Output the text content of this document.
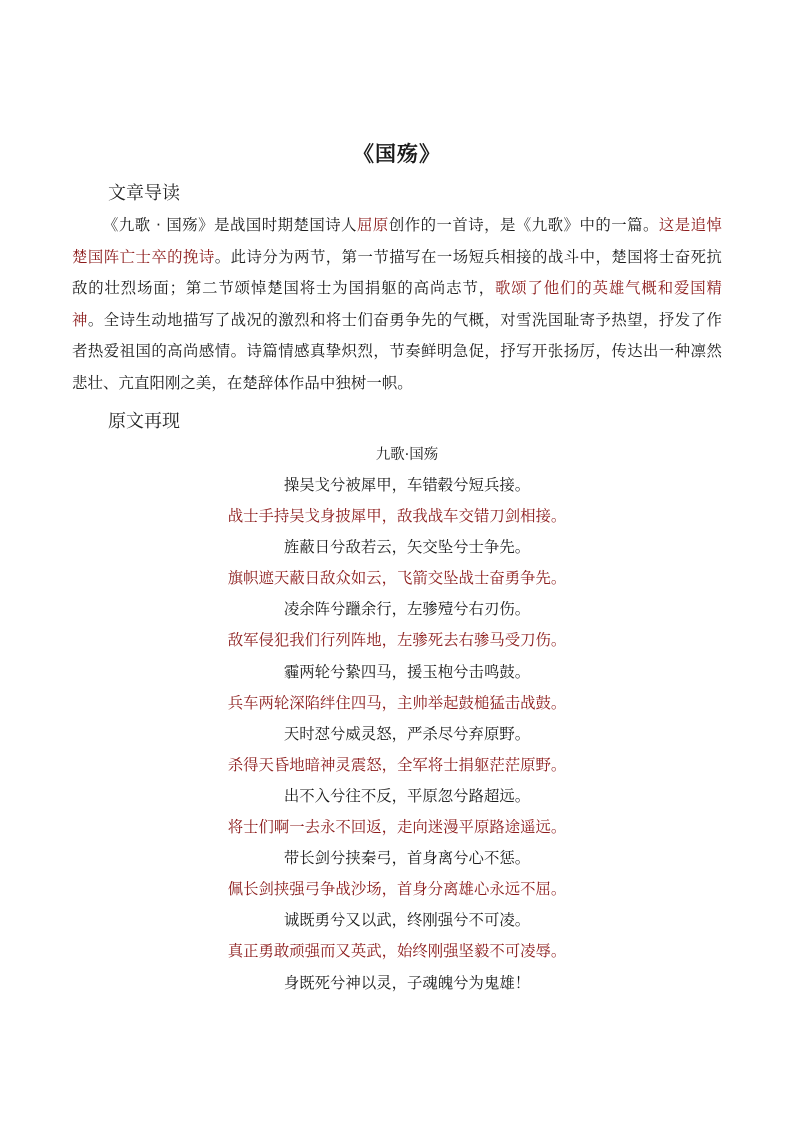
《国殇》
文章导读

《九歌 · 国殇》是战国时期楚国诗人屈原创作的一首诗，是《九歌》中的一篇。这是追悼楚国阵亡士卒的挽诗。此诗分为两节，第一节描写在一场短兵相接的战斗中，楚国将士奋死抗敌的壮烈场面；第二节颂悼楚国将士为国捐躯的高尚志节，歌颂了他们的英雄气概和爱国精神。全诗生动地描写了战况的激烈和将士们奋勇争先的气概，对雪洗国耻寄予热望，抒发了作者热爱祖国的高尚感情。诗篇情感真挚炽烈，节奏鲜明急促，抒写开张扬厉，传达出一种凛然悲壮、亢直阳刚之美，在楚辞体作品中独树一帜。

原文再现
九歌·国殇
操吴戈兮被犀甲，车错毂兮短兵接。
战士手持吴戈身披犀甲，敌我战车交错刀剑相接。
旌蔽日兮敌若云，矢交坠兮士争先。
旗帜遮天蔽日敌众如云，飞箭交坠战士奋勇争先。
凌余阵兮躐余行，左骖殪兮右刃伤。
敌军侵犯我们行列阵地，左骖死去右骖马受刀伤。
霾两轮兮絷四马，援玉枹兮击鸣鼓。
兵车两轮深陷绊住四马，主帅举起鼓槌猛击战鼓。
天时怼兮威灵怒，严杀尽兮弃原野。
杀得天昏地暗神灵震怒，全军将士捐躯茫茫原野。
出不入兮往不反，平原忽兮路超远。
将士们啊一去永不回返，走向迷漫平原路途遥远。
带长剑兮挟秦弓，首身离兮心不惩。
佩长剑挟强弓争战沙场，首身分离雄心永远不屈。
诚既勇兮又以武，终刚强兮不可凌。
真正勇敢顽强而又英武，始终刚强坚毅不可凌辱。
身既死兮神以灵，子魂魄兮为鬼雄！
